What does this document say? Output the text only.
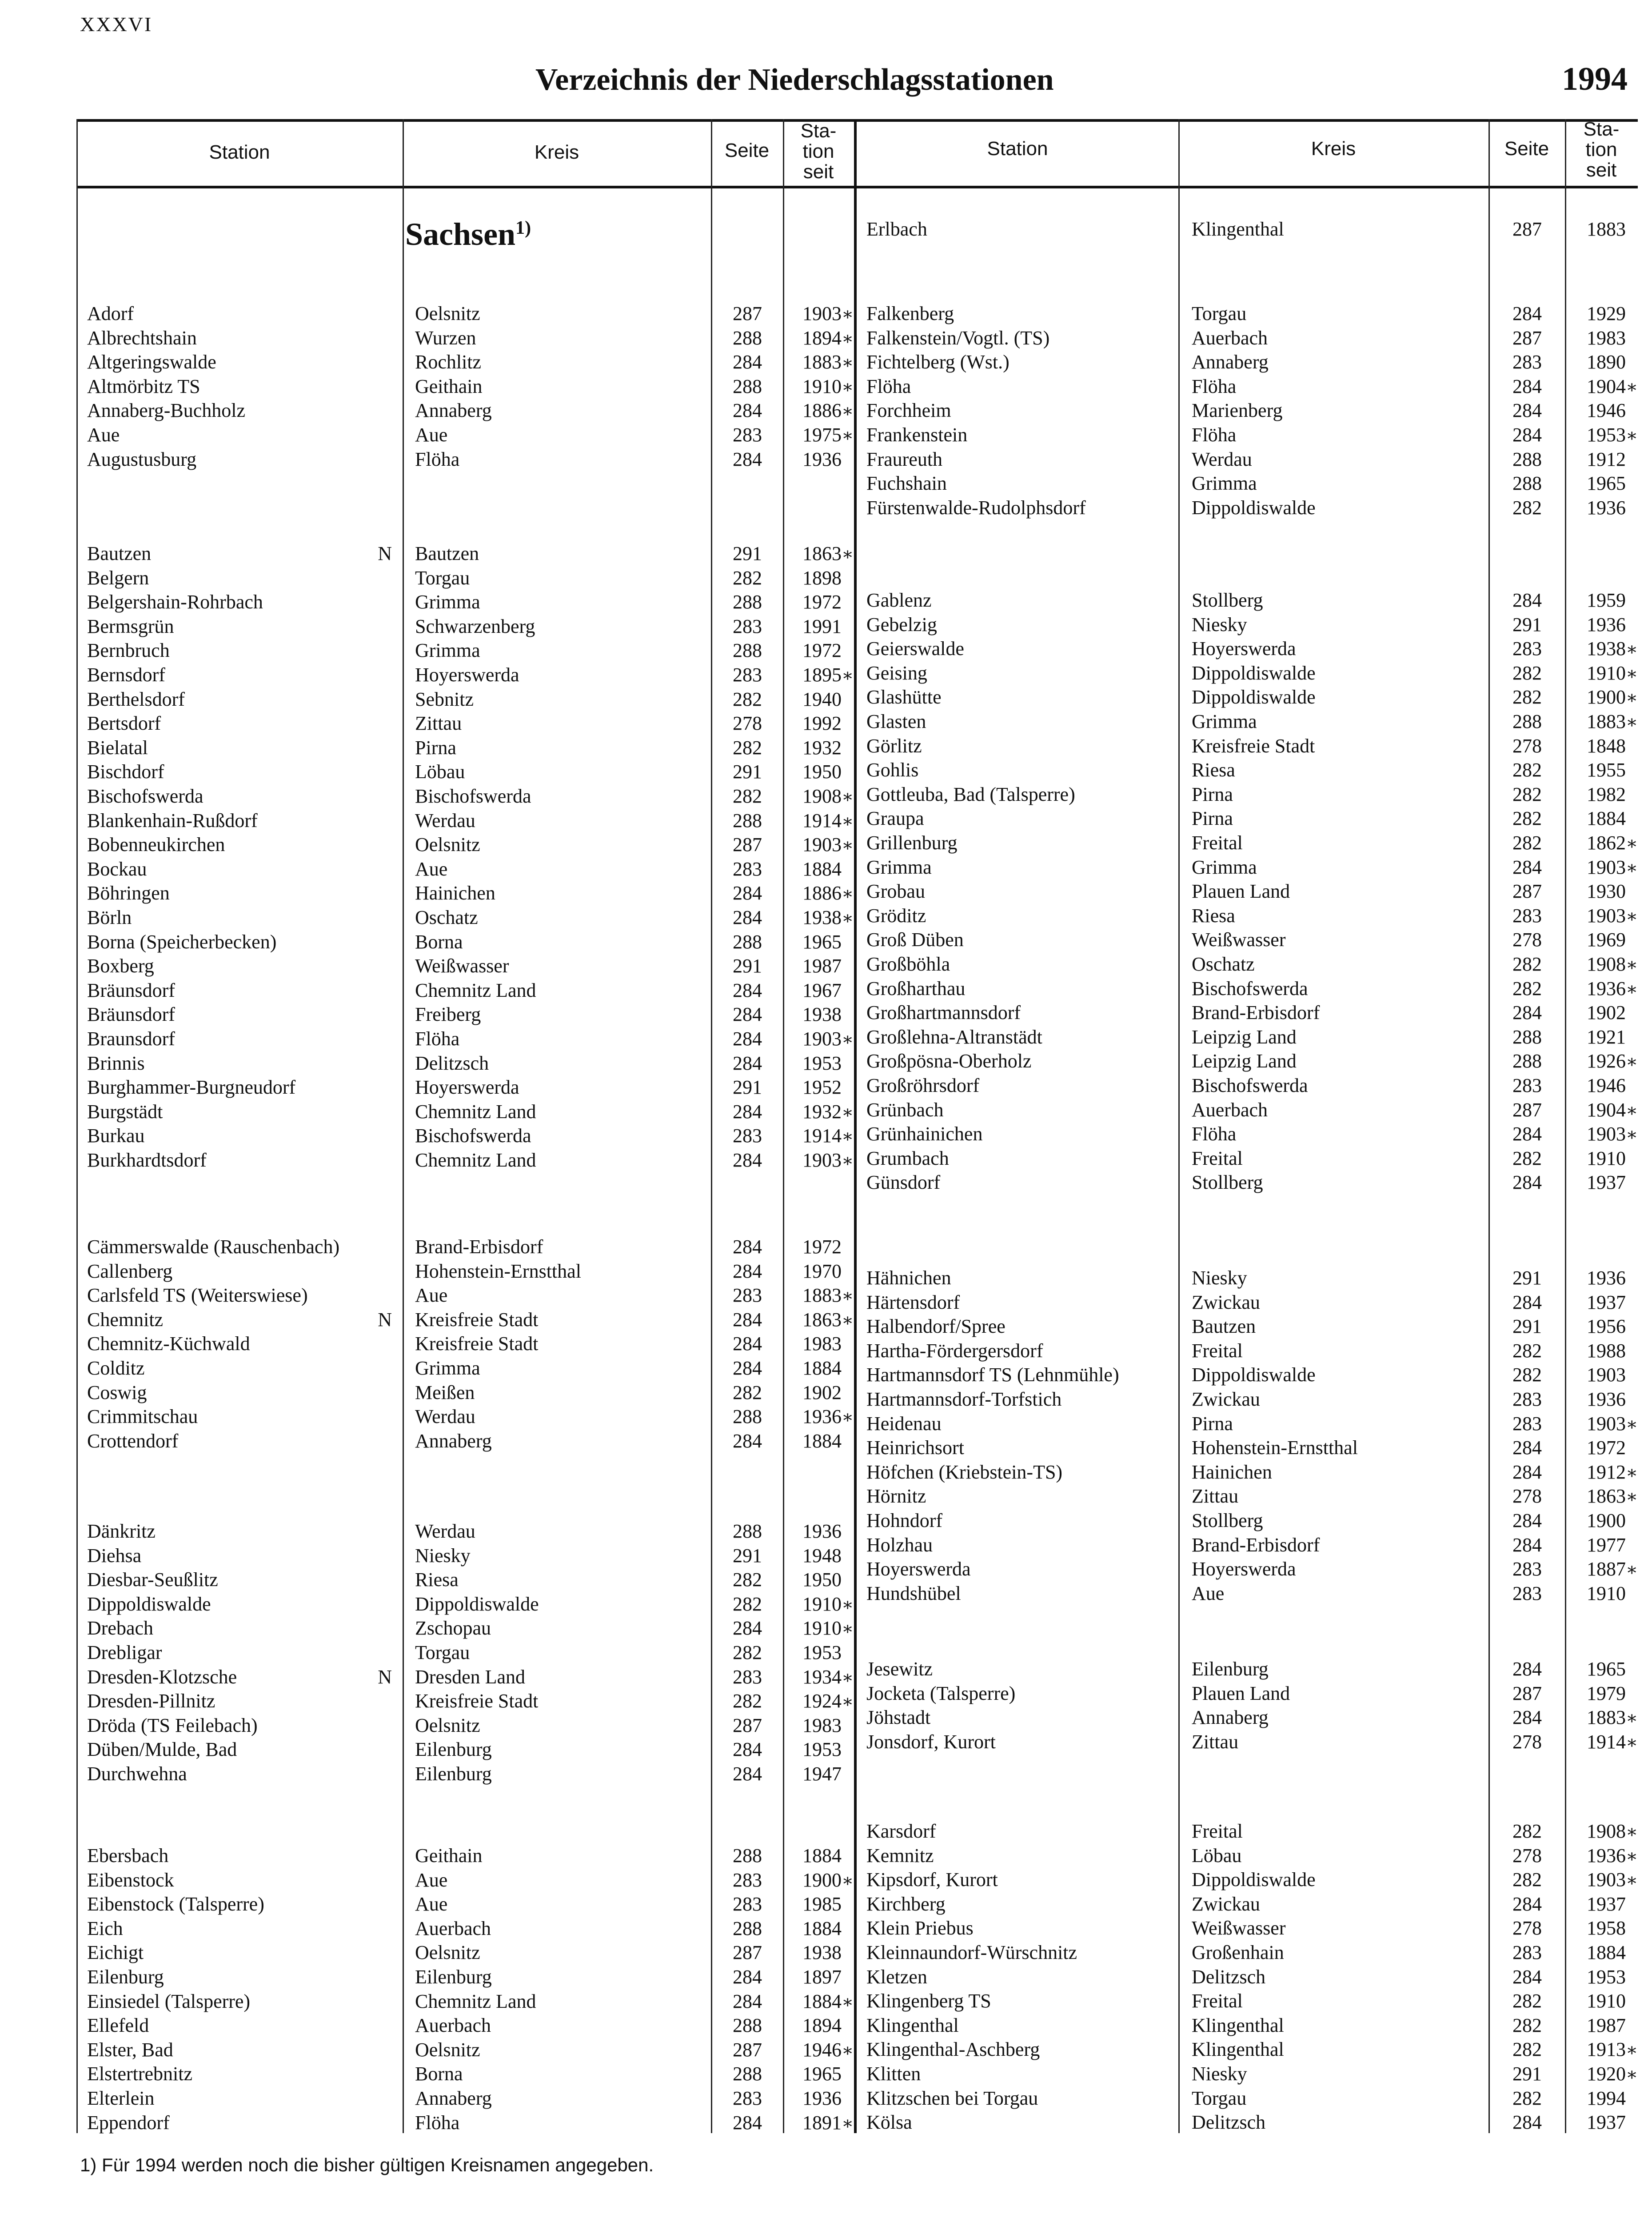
XXXVI
Verzeichnis der Niederschlagsstationen	1994
Station	Kreis	Seite
Sta-
tion
seit
Station	Kreis	Seite
Sta-
tion
seit
Sachsen$^{1)}$
Adorf	Oelsnitz	287	1903∗
Albrechtshain	Wurzen	288	1894∗
Altgeringswalde	Rochlitz	284	1883∗
Altmörbitz TS	Geithain	288	1910∗
Annaberg-Buchholz	Annaberg	284	1886∗
Aue	Aue	283	1975∗
Augustusburg	Flöha	284	1936
Bautzen	N Bautzen	291	1863∗
Belgern	Torgau	282	1898
Belgershain-Rohrbach	Grimma	288	1972
Bermsgrün	Schwarzenberg	283	1991
Bernbruch	Grimma	288	1972
Bernsdorf	Hoyerswerda	283	1895∗
Berthelsdorf	Sebnitz	282	1940
Bertsdorf	Zittau	278	1992
Bielatal	Pirna	282	1932
Bischdorf	Löbau	291	1950
Bischofswerda	Bischofswerda	282	1908∗
Blankenhain-Rußdorf	Werdau	288	1914∗
Bobenneukirchen	Oelsnitz	287	1903∗
Bockau	Aue	283	1884
Böhringen	Hainichen	284	1886∗
Börln	Oschatz	284	1938∗
Borna (Speicherbecken)	Borna	288	1965
Boxberg	Weißwasser	291	1987
Bräunsdorf	Chemnitz Land	284	1967
Bräunsdorf	Freiberg	284	1938
Braunsdorf	Flöha	284	1903∗
Brinnis	Delitzsch	284	1953
Burghammer-Burgneudorf	Hoyerswerda	291	1952
Burgstädt	Chemnitz Land	284	1932∗
Burkau	Bischofswerda	283	1914∗
Burkhardtsdorf	Chemnitz Land	284	1903∗
Cämmerswalde (Rauschenbach)	Brand-Erbisdorf	284	1972
Callenberg	Hohenstein-Ernstthal	284	1970
Carlsfeld TS (Weiterswiese)	Aue	283	1883∗
Chemnitz	N Kreisfreie Stadt	284	1863∗
Chemnitz-Küchwald	Kreisfreie Stadt	284	1983
Colditz	Grimma	284	1884
Coswig	Meißen	282	1902
Crimmitschau	Werdau	288	1936∗
Crottendorf	Annaberg	284	1884
Dänkritz	Werdau	288	1936
Diehsa	Niesky	291	1948
Diesbar-Seußlitz	Riesa	282	1950
Dippoldiswalde	Dippoldiswalde	282	1910∗
Drebach	Zschopau	284	1910∗
Drebligar	Torgau	282	1953
Dresden-Klotzsche	N Dresden Land	283	1934∗
Dresden-Pillnitz	Kreisfreie Stadt	282	1924∗
Dröda (TS Feilebach)	Oelsnitz	287	1983
Düben/Mulde, Bad	Eilenburg	284	1953
Durchwehna	Eilenburg	284	1947
Ebersbach	Geithain	288	1884
Eibenstock	Aue	283	1900∗
Eibenstock (Talsperre)	Aue	283	1985
Eich	Auerbach	288	1884
Eichigt	Oelsnitz	287	1938
Eilenburg	Eilenburg	284	1897
Einsiedel (Talsperre)	Chemnitz Land	284	1884∗
Ellefeld	Auerbach	288	1894
Elster, Bad	Oelsnitz	287	1946∗
Elstertrebnitz	Borna	288	1965
Elterlein	Annaberg	283	1936
Eppendorf	Flöha	284	1891∗
Erlbach	Klingenthal	287	1883
Falkenberg	Torgau	284	1929
Falkenstein/Vogtl. (TS)	Auerbach	287	1983
Fichtelberg (Wst.)	Annaberg	283	1890
Flöha	Flöha	284	1904∗
Forchheim	Marienberg	284	1946
Frankenstein	Flöha	284	1953∗
Fraureuth	Werdau	288	1912
Fuchshain	Grimma	288	1965
Fürstenwalde-Rudolphsdorf	Dippoldiswalde	282	1936
Gablenz	Stollberg	284	1959
Gebelzig	Niesky	291	1936
Geierswalde	Hoyerswerda	283	1938∗
Geising	Dippoldiswalde	282	1910∗
Glashütte	Dippoldiswalde	282	1900∗
Glasten	Grimma	288	1883∗
Görlitz	Kreisfreie Stadt	278	1848
Gohlis	Riesa	282	1955
Gottleuba, Bad (Talsperre)	Pirna	282	1982
Graupa	Pirna	282	1884
Grillenburg	Freital	282	1862∗
Grimma	Grimma	284	1903∗
Grobau	Plauen Land	287	1930
Gröditz	Riesa	283	1903∗
Groß Düben	Weißwasser	278	1969
Großböhla	Oschatz	282	1908∗
Großharthau	Bischofswerda	282	1936∗
Großhartmannsdorf	Brand-Erbisdorf	284	1902
Großlehna-Altranstädt	Leipzig Land	288	1921
Großpösna-Oberholz	Leipzig Land	288	1926∗
Großröhrsdorf	Bischofswerda	283	1946
Grünbach	Auerbach	287	1904∗
Grünhainichen	Flöha	284	1903∗
Grumbach	Freital	282	1910
Günsdorf	Stollberg	284	1937
Hähnichen	Niesky	291	1936
Härtensdorf	Zwickau	284	1937
Halbendorf/Spree	Bautzen	291	1956
Hartha-Fördergersdorf	Freital	282	1988
Hartmannsdorf TS (Lehnmühle)	Dippoldiswalde	282	1903
Hartmannsdorf-Torfstich	Zwickau	283	1936
Heidenau	Pirna	283	1903∗
Heinrichsort	Hohenstein-Ernstthal	284	1972
Höfchen (Kriebstein-TS)	Hainichen	284	1912∗
Hörnitz	Zittau	278	1863∗
Hohndorf	Stollberg	284	1900
Holzhau	Brand-Erbisdorf	284	1977
Hoyerswerda	Hoyerswerda	283	1887∗
Hundshübel	Aue	283	1910
Jesewitz	Eilenburg	284	1965
Jocketa (Talsperre)	Plauen Land	287	1979
Jöhstadt	Annaberg	284	1883∗
Jonsdorf, Kurort	Zittau	278	1914∗
Karsdorf	Freital	282	1908∗
Kemnitz	Löbau	278	1936∗
Kipsdorf, Kurort	Dippoldiswalde	282	1903∗
Kirchberg	Zwickau	284	1937
Klein Priebus	Weißwasser	278	1958
Kleinnaundorf-Würschnitz	Großenhain	283	1884
Kletzen	Delitzsch	284	1953
Klingenberg TS	Freital	282	1910
Klingenthal	Klingenthal	282	1987
Klingenthal-Aschberg	Klingenthal	282	1913∗
Klitten	Niesky	291	1920∗
Klitzschen bei Torgau	Torgau	282	1994
Kölsa	Delitzsch	284	1937
1) Für 1994 werden noch die bisher gültigen Kreisnamen angegeben.
